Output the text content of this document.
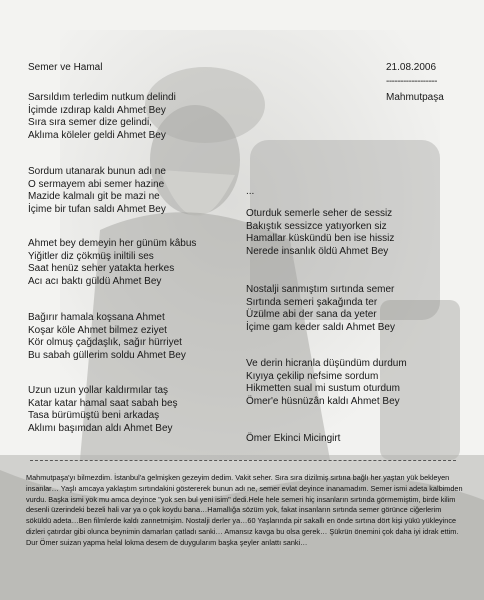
Semer ve Hamal	21.08.2006
------------------
Mahmutpaşa
Sarsıldım terledim nutkum delindi
İçimde ızdırap kaldı Ahmet Bey
Sıra sıra semer dize gelindi,
Aklıma köleler geldi Ahmet Bey
Sordum utanarak bunun adı ne
O sermayem abi semer hazine
Mazide kalmalı git be mazi ne
İçime bir tufan saldı Ahmet Bey
Ahmet bey demeyin her günüm kâbus
Yiğitler diz çökmüş iniltili ses
Saat henüz seher yatakta herkes
Acı acı baktı güldü Ahmet Bey
Bağırır hamala koşsana Ahmet
Koşar köle Ahmet bilmez eziyet
Kör olmuş çağdaşlık, sağır hürriyet
Bu sabah güllerim soldu Ahmet Bey
Uzun uzun yollar kaldırmılar taş
Katar katar hamal saat sabah beş
Tasa bürümüştü beni arkadaş
Aklımı başımdan aldı Ahmet Bey
...
Oturduk semerle seher de sessiz
Bakıştık sessizce yatıyorken siz
Hamallar küskündü ben ise hissiz
Nerede insanlık öldü Ahmet Bey
Nostalji sanmıştım sırtında semer
Sırtında semeri şakağında ter
Üzülme abi der sana da yeter
İçime gam keder saldı Ahmet Bey
Ve derin hicranla düşündüm durdum
Kıyıya çekilip nefsime sordum
Hikmetten sual mi sustum oturdum
Ömer'e hüsnüzân kaldı Ahmet Bey
Ömer Ekinci Micingirt
Mahmutpaşa'yı bilmezdim. İstanbul'a gelmişken gezeyim dedim. Vakit seher. Sıra sıra dizilmiş sırtına bağlı her yaştan yük bekleyen insanlar… Yaşlı amcaya yaklaştım sırtındakini göstererek bunun adı ne, semer evlat deyince inanamadım. Semer ismi adeta kalbimden vurdu. Başka ismi yok mu amca deyince "yok sen bul yeni isim" dedi.Hele hele semeri hiç insanların sırtında görmemiştim, birde kilim desenli üzerindeki bezeli hali var ya o çok koydu bana…Hamallığa sözüm yok, fakat insanların sırtında semer görünce ciğerlerim söküldü adeta…Ben filmlerde kaldı zannetmişim. Nostalji derler ya…60 Yaşlarında pir sakallı en önde sırtına dört kişi yükü yükleyince dizleri çatırdar gibi olunca beynimin damarları çatladı sanki… Amansız kavga bu olsa gerek… Şükrün önemini çok daha iyi idrak ettim. Dur Ömer suizan yapma helal lokma desem de duygularım başka şeyler anlattı sanki…
